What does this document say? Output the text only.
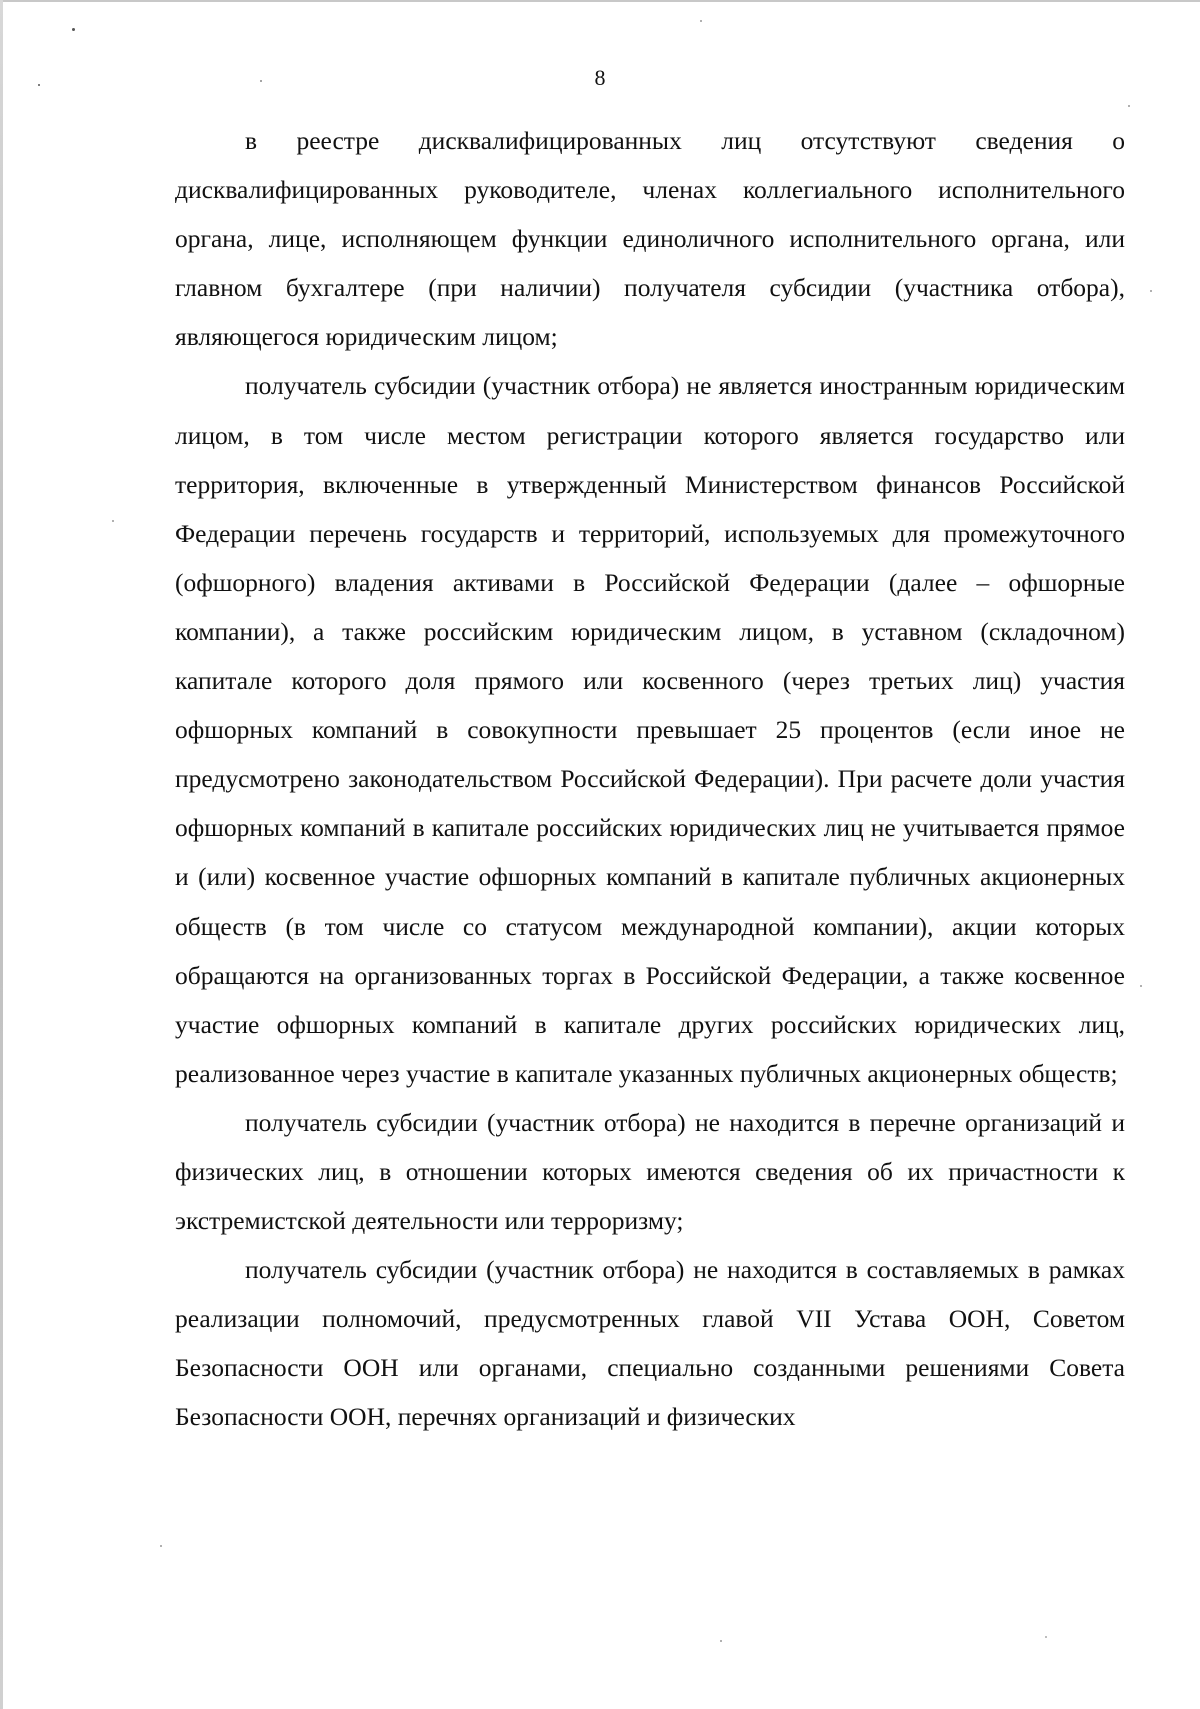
8

в реестре дисквалифицированных лиц отсутствуют сведения о дисквалифицированных руководителе, членах коллегиального исполнительного органа, лице, исполняющем функции единоличного исполнительного органа, или главном бухгалтере (при наличии) получателя субсидии (участника отбора), являющегося юридическим лицом;

получатель субсидии (участник отбора) не является иностранным юридическим лицом, в том числе местом регистрации которого является государство или территория, включенные в утвержденный Министерством финансов Российской Федерации перечень государств и территорий, используемых для промежуточного (офшорного) владения активами в Российской Федерации (далее – офшорные компании), а также российским юридическим лицом, в уставном (складочном) капитале которого доля прямого или косвенного (через третьих лиц) участия офшорных компаний в совокупности превышает 25 процентов (если иное не предусмотрено законодательством Российской Федерации). При расчете доли участия офшорных компаний в капитале российских юридических лиц не учитывается прямое и (или) косвенное участие офшорных компаний в капитале публичных акционерных обществ (в том числе со статусом международной компании), акции которых обращаются на организованных торгах в Российской Федерации, а также косвенное участие офшорных компаний в капитале других российских юридических лиц, реализованное через участие в капитале указанных публичных акционерных обществ;

получатель субсидии (участник отбора) не находится в перечне организаций и физических лиц, в отношении которых имеются сведения об их причастности к экстремистской деятельности или терроризму;

получатель субсидии (участник отбора) не находится в составляемых в рамках реализации полномочий, предусмотренных главой VII Устава ООН, Советом Безопасности ООН или органами, специально созданными решениями Совета Безопасности ООН, перечнях организаций и физических
